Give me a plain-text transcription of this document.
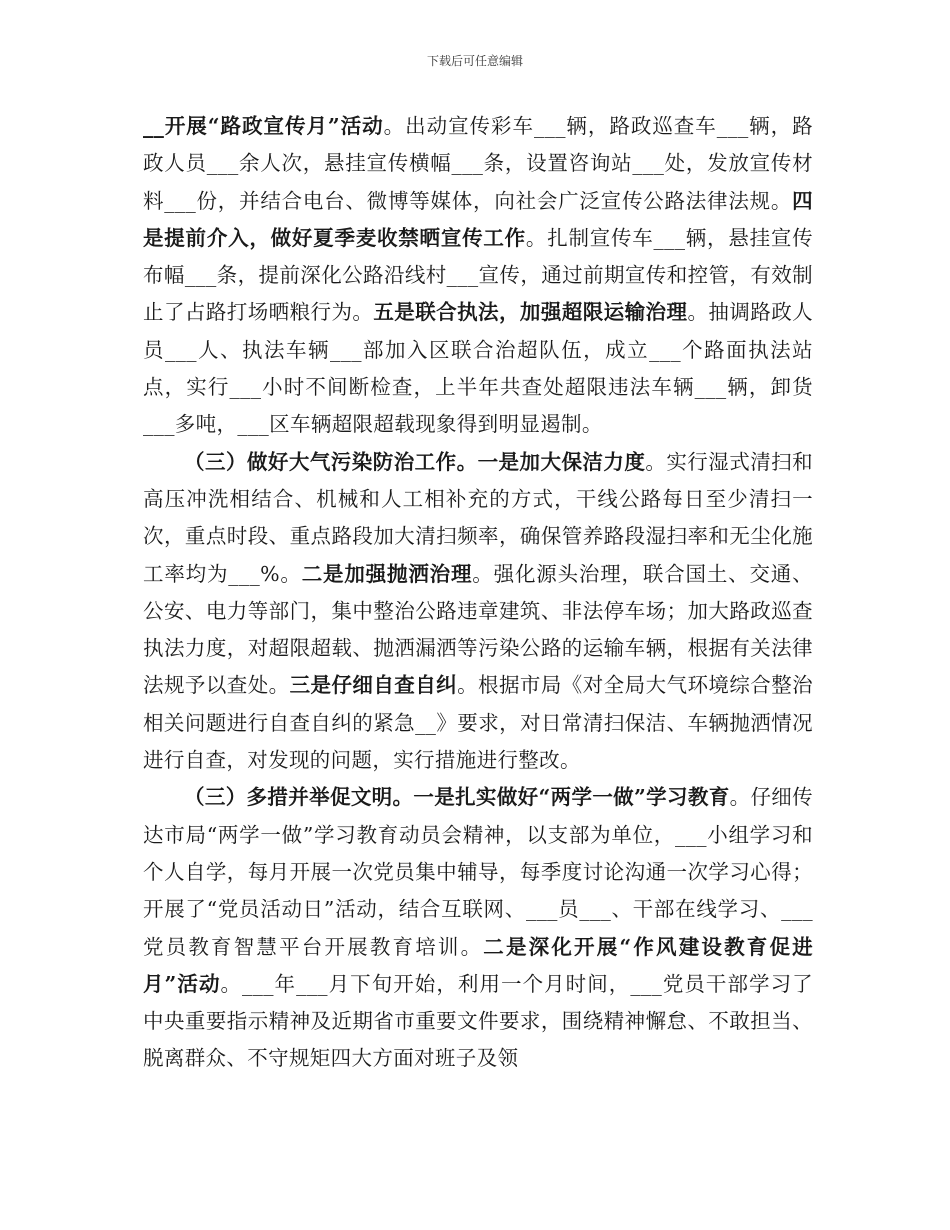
下载后可任意编辑

__开展“路政宣传月”活动。出动宣传彩车___辆，路政巡查车___辆，路政人员___余人次，悬挂宣传横幅___条，设置咨询站___处，发放宣传材料___份，并结合电台、微博等媒体，向社会广泛宣传公路法律法规。四是提前介入，做好夏季麦收禁晒宣传工作。扎制宣传车___辆，悬挂宣传布幅___条，提前深化公路沿线村___宣传，通过前期宣传和控管，有效制止了占路打场晒粮行为。五是联合执法，加强超限运输治理。抽调路政人员___人、执法车辆___部加入区联合治超队伍，成立___个路面执法站点，实行___小时不间断检查，上半年共查处超限违法车辆___辆，卸货___多吨，___区车辆超限超载现象得到明显遏制。

（三）做好大气污染防治工作。一是加大保洁力度。实行湿式清扫和高压冲洗相结合、机械和人工相补充的方式，干线公路每日至少清扫一次，重点时段、重点路段加大清扫频率，确保管养路段湿扫率和无尘化施工率均为___%。二是加强抛洒治理。强化源头治理，联合国土、交通、公安、电力等部门，集中整治公路违章建筑、非法停车场；加大路政巡查执法力度，对超限超载、抛洒漏洒等污染公路的运输车辆，根据有关法律法规予以查处。三是仔细自查自纠。根据市局《对全局大气环境综合整治相关问题进行自查自纠的紧急__》要求，对日常清扫保洁、车辆抛洒情况进行自查，对发现的问题，实行措施进行整改。

（三）多措并举促文明。一是扎实做好“两学一做”学习教育。仔细传达市局“两学一做”学习教育动员会精神，以支部为单位，___小组学习和个人自学，每月开展一次党员集中辅导，每季度讨论沟通一次学习心得；开展了“党员活动日”活动，结合互联网、___员___、干部在线学习、___党员教育智慧平台开展教育培训。二是深化开展“作风建设教育促进月”活动。___年___月下旬开始，利用一个月时间，___党员干部学习了中央重要指示精神及近期省市重要文件要求，围绕精神懈怠、不敢担当、脱离群众、不守规矩四大方面对班子及领
